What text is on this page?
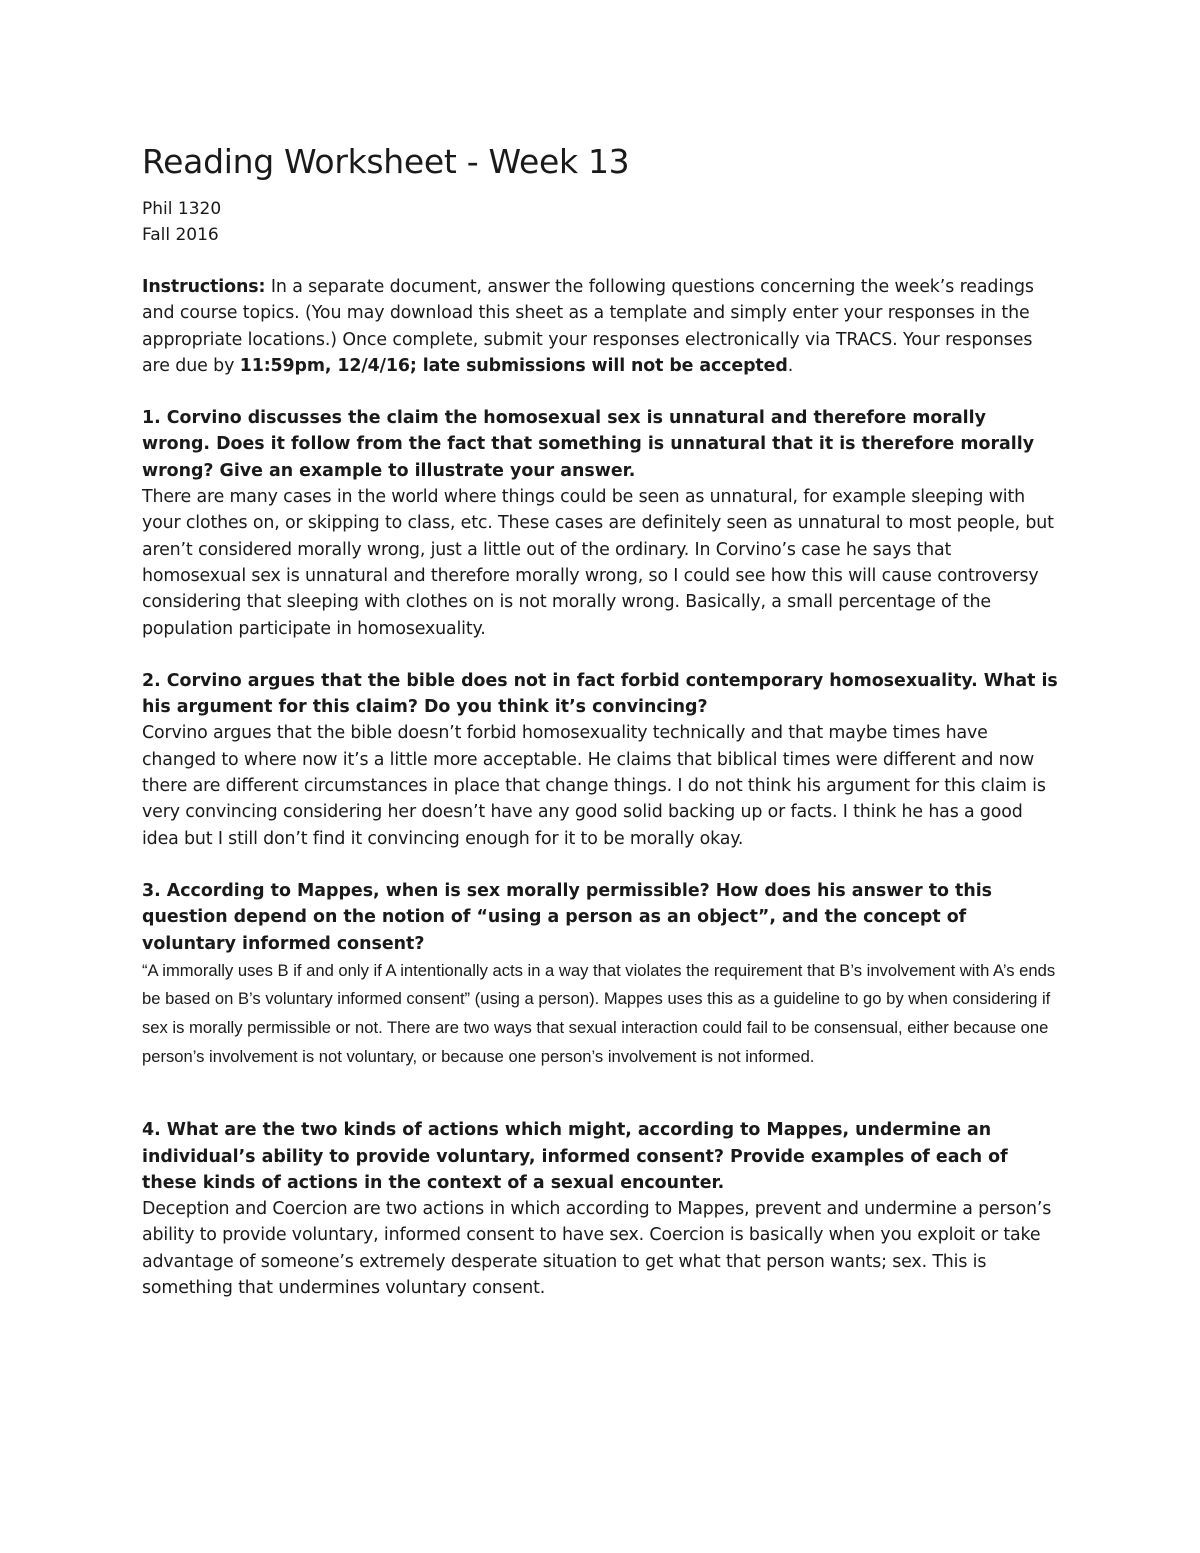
Reading Worksheet - Week 13

Phil 1320

Fall 2016

Instructions: In a separate document, answer the following questions concerning the week’s readings and course topics. (You may download this sheet as a template and simply enter your responses in the appropriate locations.) Once complete, submit your responses electronically via TRACS. Your responses are due by 11:59pm, 12/4/16; late submissions will not be accepted.

1. Corvino discusses the claim the homosexual sex is unnatural and therefore morally wrong. Does it follow from the fact that something is unnatural that it is therefore morally wrong? Give an example to illustrate your answer.

There are many cases in the world where things could be seen as unnatural, for example sleeping with your clothes on, or skipping to class, etc. These cases are definitely seen as unnatural to most people, but aren’t considered morally wrong, just a little out of the ordinary. In Corvino’s case he says that homosexual sex is unnatural and therefore morally wrong, so I could see how this will cause controversy considering that sleeping with clothes on is not morally wrong. Basically, a small percentage of the population participate in homosexuality.

2. Corvino argues that the bible does not in fact forbid contemporary homosexuality. What is his argument for this claim? Do you think it’s convincing?

Corvino argues that the bible doesn’t forbid homosexuality technically and that maybe times have changed to where now it’s a little more acceptable. He claims that biblical times were different and now there are different circumstances in place that change things. I do not think his argument for this claim is very convincing considering her doesn’t have any good solid backing up or facts. I think he has a good idea but I still don’t find it convincing enough for it to be morally okay.

3. According to Mappes, when is sex morally permissible? How does his answer to this question depend on the notion of “using a person as an object”, and the concept of voluntary informed consent?

“A immorally uses B if and only if A intentionally acts in a way that violates the requirement that B’s involvement with A’s ends be based on B’s voluntary informed consent” (using a person). Mappes uses this as a guideline to go by when considering if sex is morally permissible or not. There are two ways that sexual interaction could fail to be consensual, either because one person’s involvement is not voluntary, or because one person’s involvement is not informed.

4. What are the two kinds of actions which might, according to Mappes, undermine an individual’s ability to provide voluntary, informed consent? Provide examples of each of these kinds of actions in the context of a sexual encounter.

Deception and Coercion are two actions in which according to Mappes, prevent and undermine a person’s ability to provide voluntary, informed consent to have sex. Coercion is basically when you exploit or take advantage of someone’s extremely desperate situation to get what that person wants; sex. This is something that undermines voluntary consent.
